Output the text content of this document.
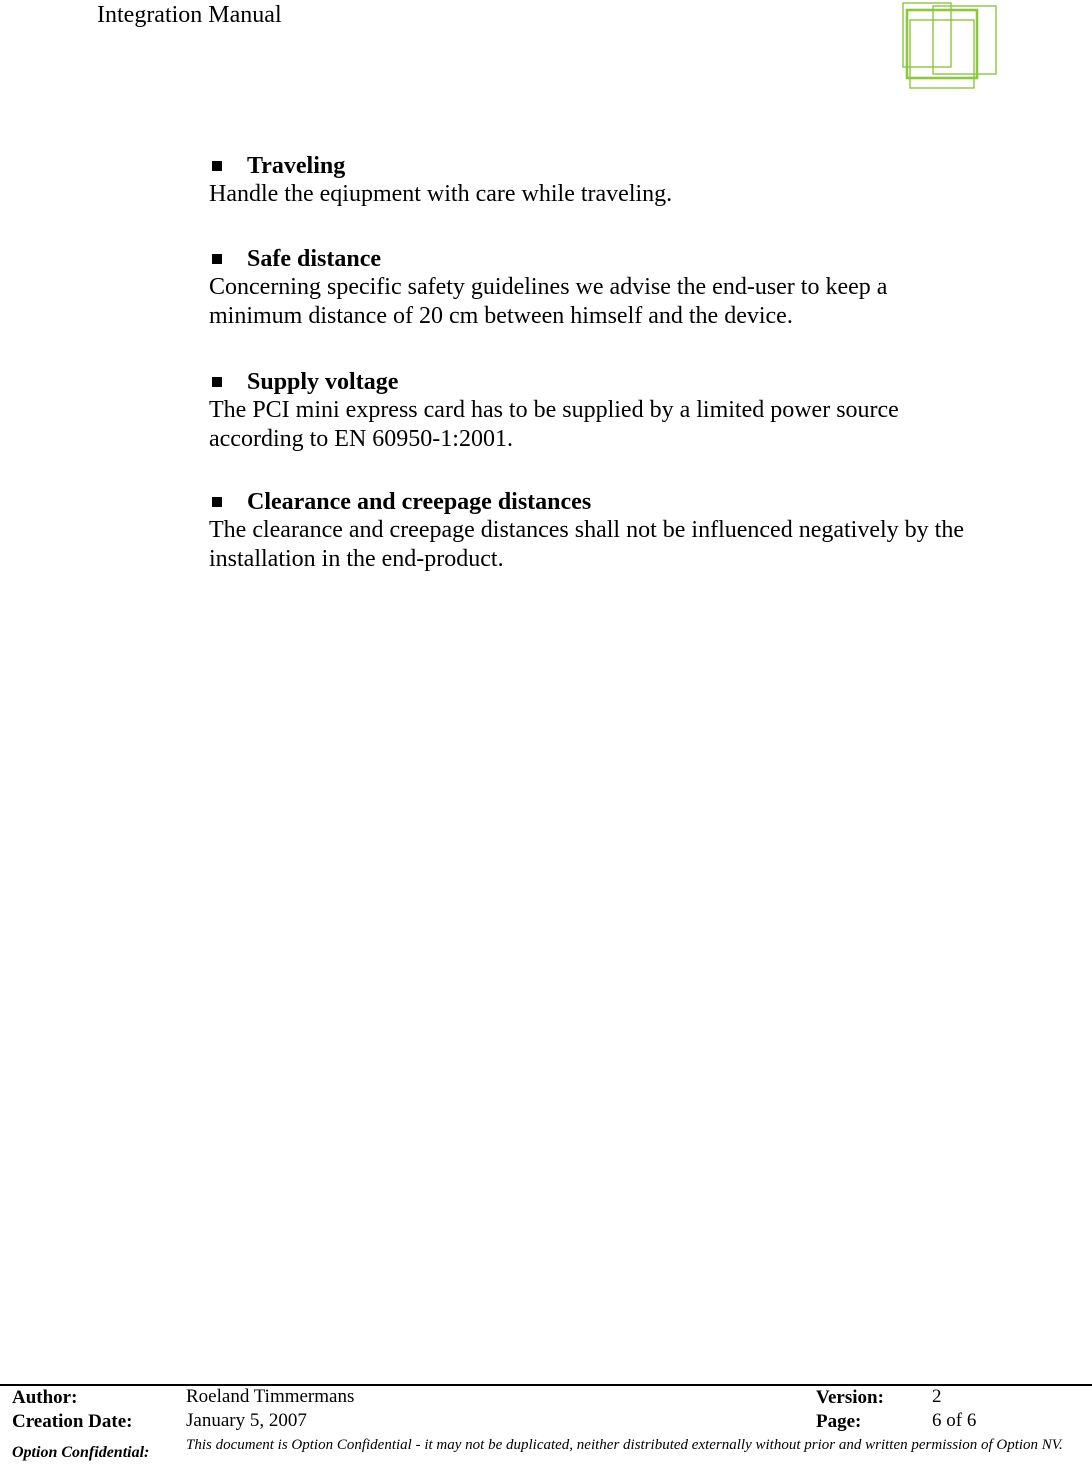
Integration Manual
Traveling

Handle the eqiupment with care while traveling.

Safe distance

Concerning specific safety guidelines we advise the end-user to keep a

minimum distance of 20 cm between himself and the device.

Supply voltage

The PCI mini express card has to be supplied by a limited power source

according to EN 60950-1:2001.

Clearance and creepage distances

The clearance and creepage distances shall not be influenced negatively by the

installation in the end-product.

Author:	Roeland Timmermans	Version:	2
Creation Date:	January 5, 2007	Page:	6 of 6
Option Confidential: This document is Option Confidential - it may not be duplicated, neither distributed externally without prior and written permission of Option NV.
